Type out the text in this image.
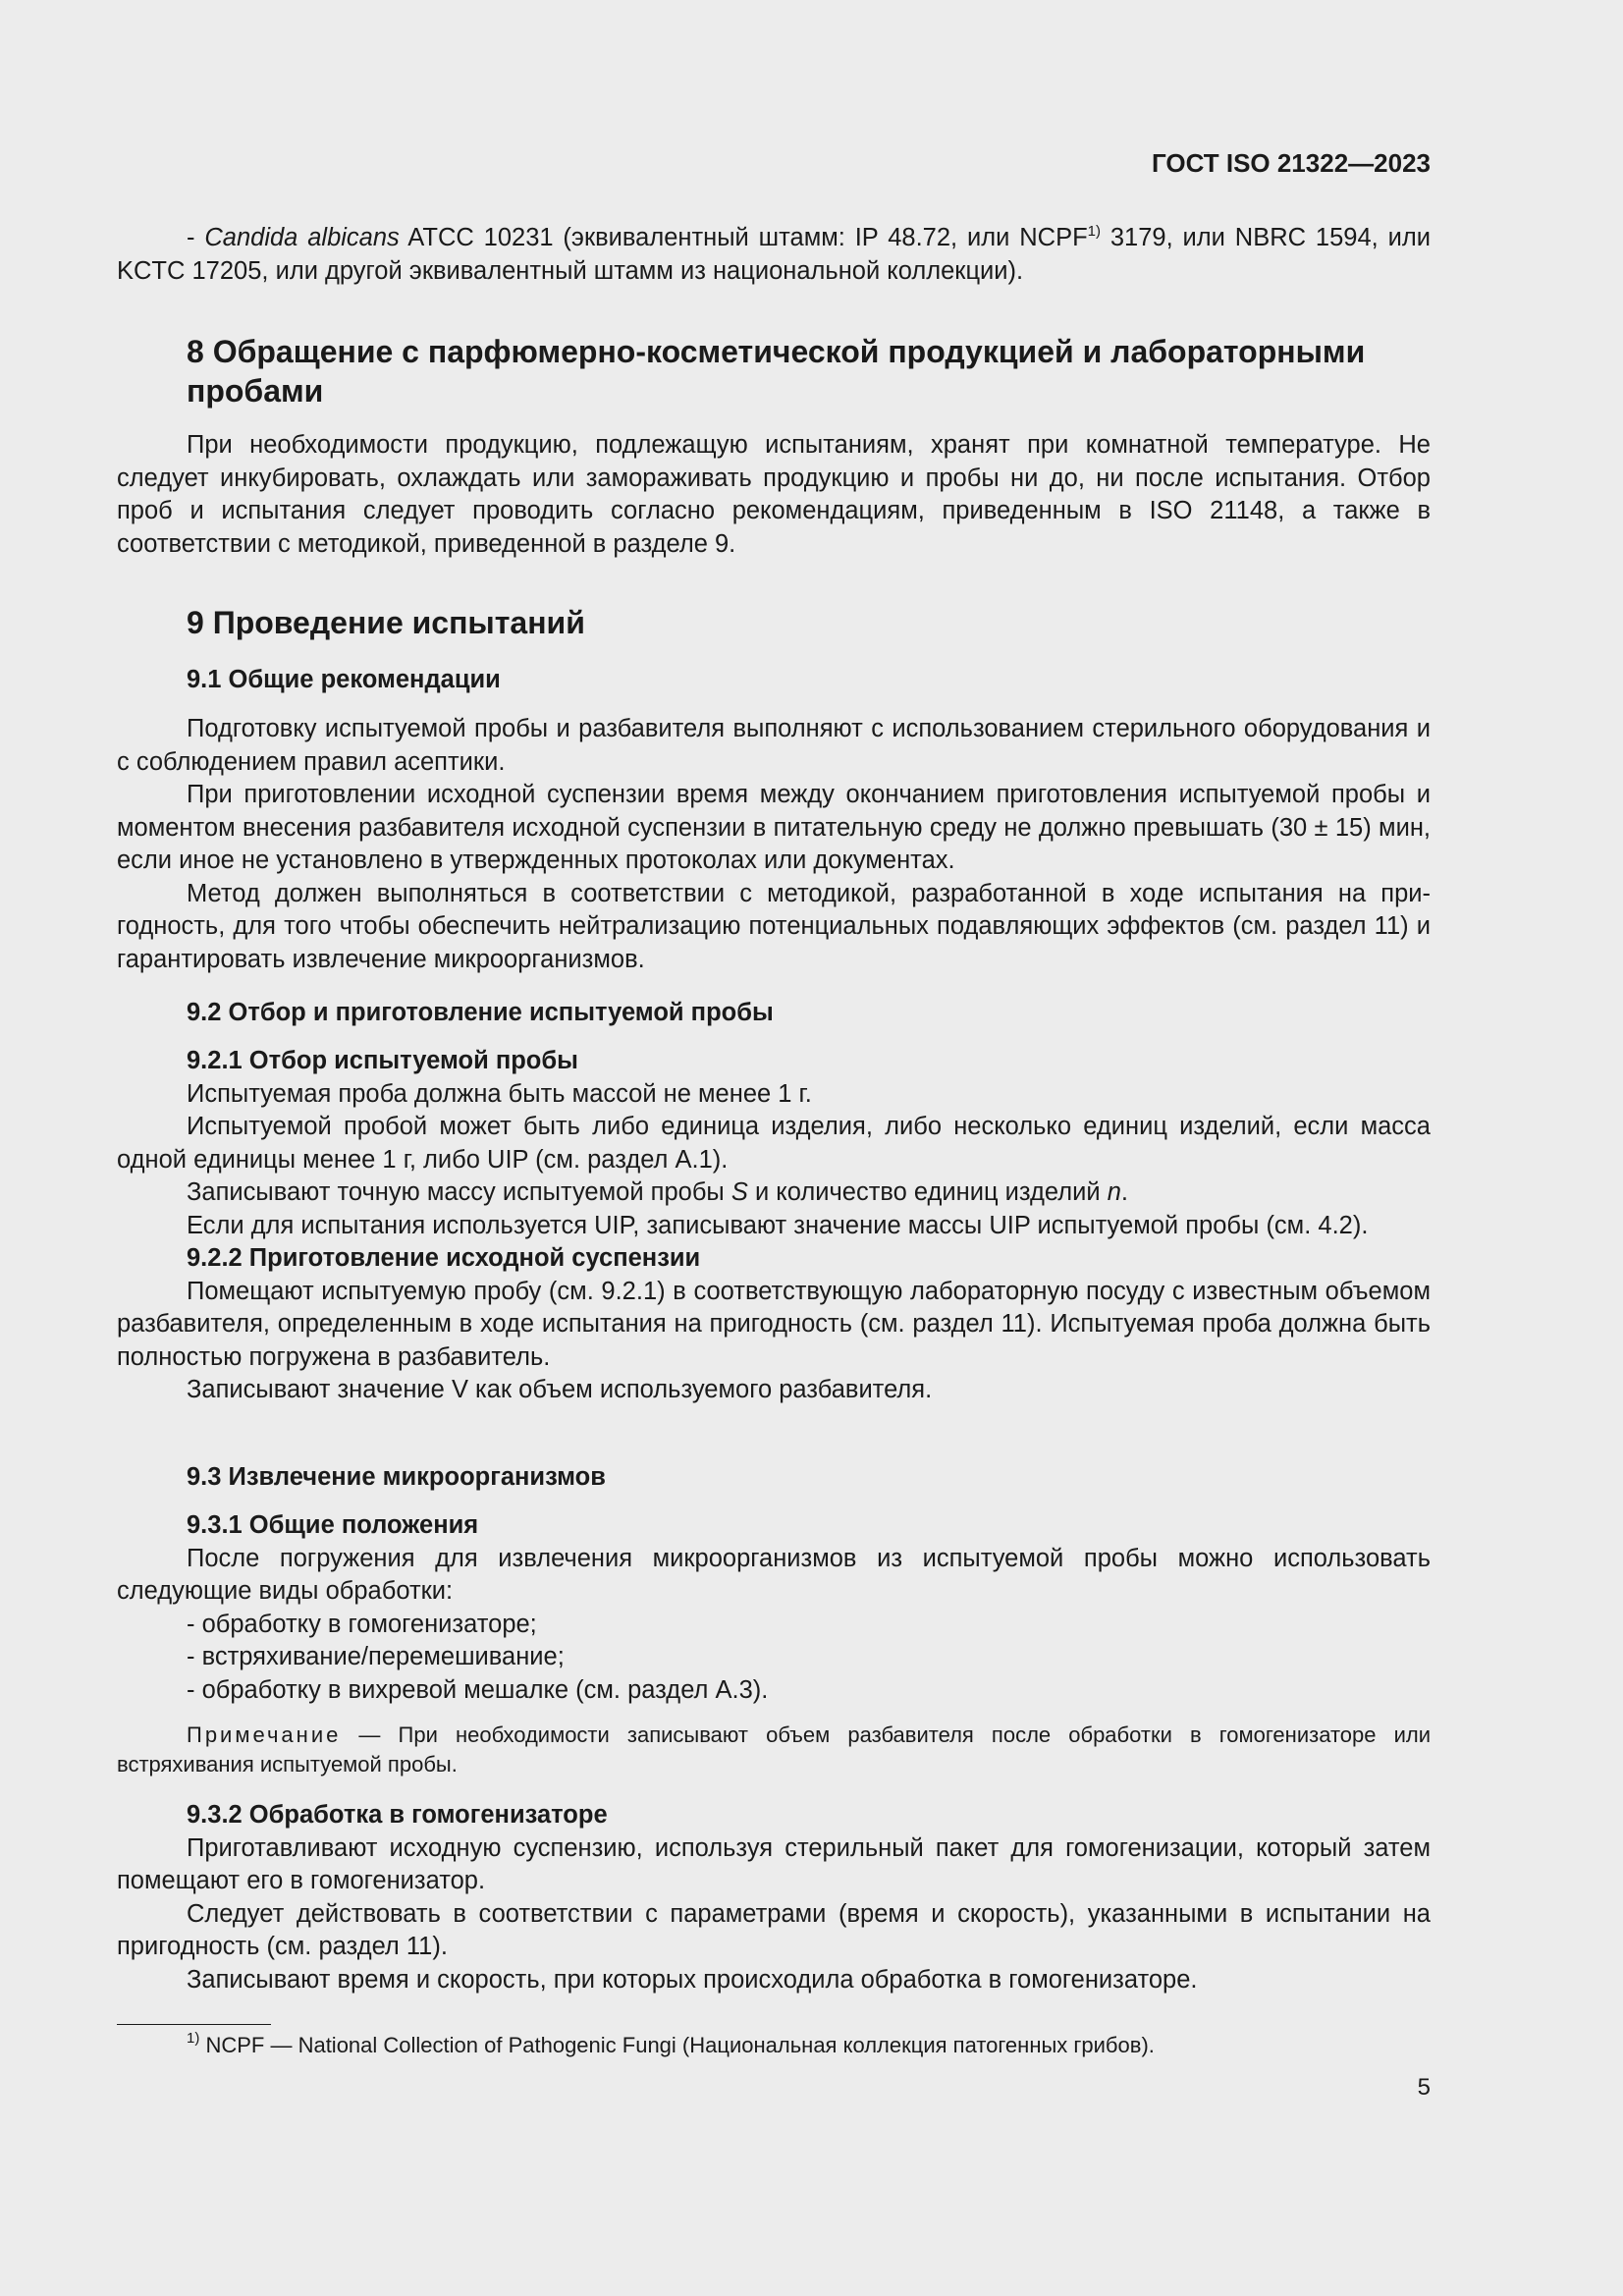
ГОСТ ISO 21322—2023

- Candida albicans ATCC 10231 (эквивалентный штамм: IP 48.72, или NCPF$^{1)}$ 3179, или NBRC 1594, или KCTC 17205, или другой эквивалентный штамм из национальной коллекции).

8 Обращение с парфюмерно-косметической продукцией и лабораторными пробами

При необходимости продукцию, подлежащую испытаниям, хранят при комнатной температуре. Не следует инкубировать, охлаждать или замораживать продукцию и пробы ни до, ни после испытания. Отбор проб и испытания следует проводить согласно рекомендациям, приведенным в ISO 21148, а также в соответствии с методикой, приведенной в разделе 9.

9 Проведение испытаний
9.1 Общие рекомендации

Подготовку испытуемой пробы и разбавителя выполняют с использованием стерильного оборудования и с соблюдением правил асептики.

При приготовлении исходной суспензии время между окончанием приготовления испытуемой пробы и моментом внесения разбавителя исходной суспензии в питательную среду не должно превышать (30 ± 15) мин, если иное не установлено в утвержденных протоколах или документах.

Метод должен выполняться в соответствии с методикой, разработанной в ходе испытания на пригодность, для того чтобы обеспечить нейтрализацию потенциальных подавляющих эффектов (см. раздел 11) и гарантировать извлечение микроорганизмов.

9.2 Отбор и приготовление испытуемой пробы
9.2.1 Отбор испытуемой пробы

Испытуемая проба должна быть массой не менее 1 г.

Испытуемой пробой может быть либо единица изделия, либо несколько единиц изделий, если масса одной единицы менее 1 г, либо UIP (см. раздел А.1).

Записывают точную массу испытуемой пробы S и количество единиц изделий n.

Если для испытания используется UIP, записывают значение массы UIP испытуемой пробы (см. 4.2).

9.2.2 Приготовление исходной суспензии

Помещают испытуемую пробу (см. 9.2.1) в соответствующую лабораторную посуду с известным объемом разбавителя, определенным в ходе испытания на пригодность (см. раздел 11). Испытуемая проба должна быть полностью погружена в разбавитель.

Записывают значение V как объем используемого разбавителя.

9.3 Извлечение микроорганизмов
9.3.1 Общие положения

После погружения для извлечения микроорганизмов из испытуемой пробы можно использовать следующие виды обработки:

- обработку в гомогенизаторе;

- встряхивание/перемешивание;

- обработку в вихревой мешалке (см. раздел А.3).

Примечание — При необходимости записывают объем разбавителя после обработки в гомогенизаторе или встряхивания испытуемой пробы.

9.3.2 Обработка в гомогенизаторе

Приготавливают исходную суспензию, используя стерильный пакет для гомогенизации, который затем помещают его в гомогенизатор.

Следует действовать в соответствии с параметрами (время и скорость), указанными в испытании на пригодность (см. раздел 11).

Записывают время и скорость, при которых происходила обработка в гомогенизаторе.

$^{1)}$ NCPF — National Collection of Pathogenic Fungi (Национальная коллекция патогенных грибов).
5
